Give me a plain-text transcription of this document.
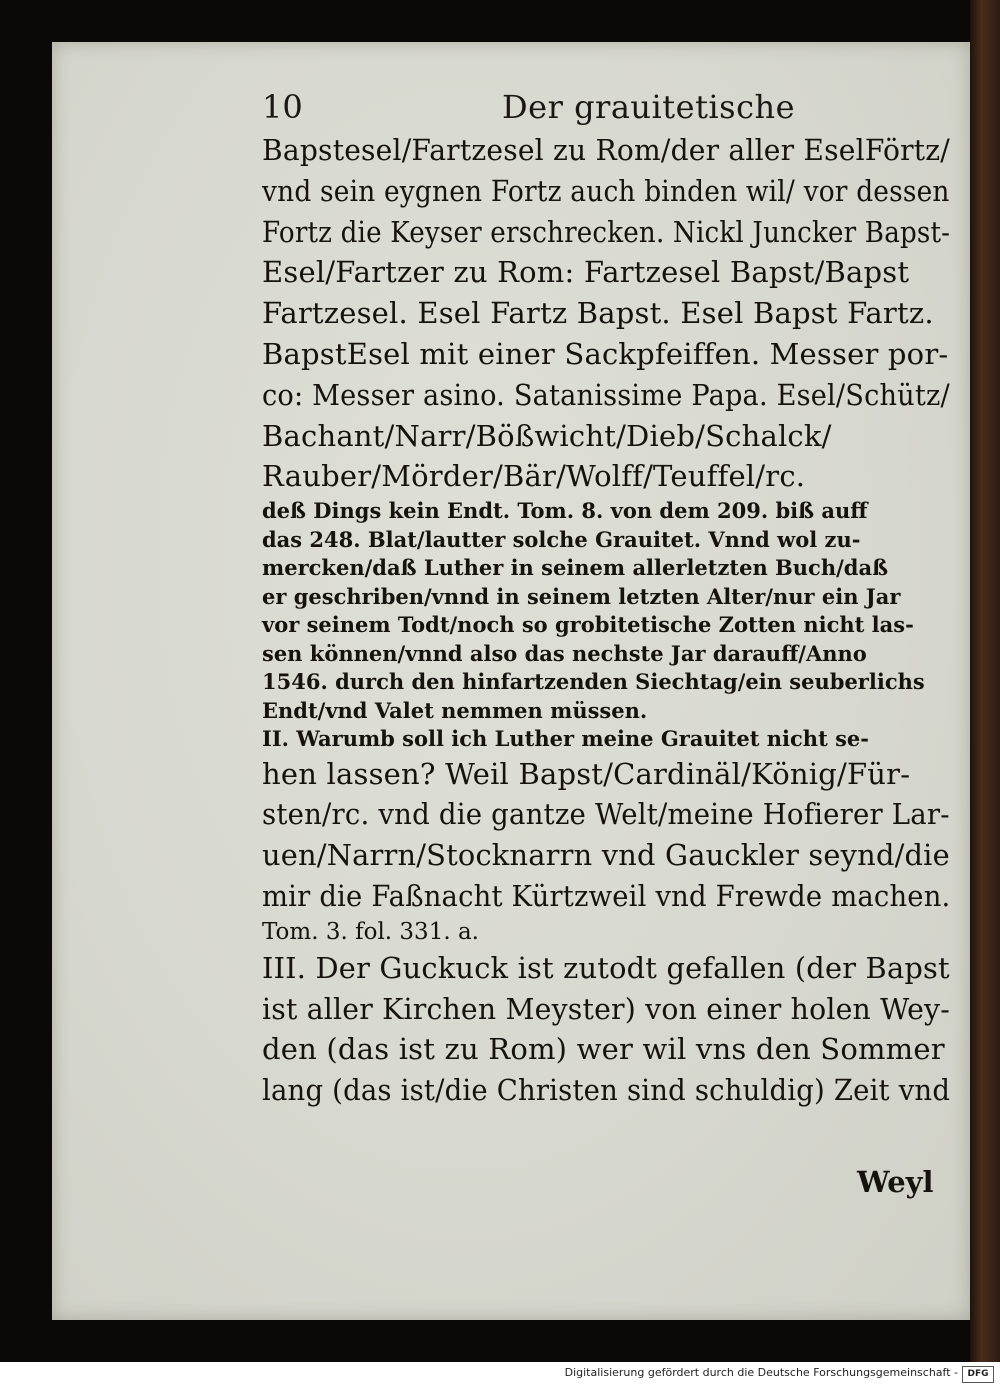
10	Der grauitetische
Bapstesel/Fartzesel zu Rom/der aller EselFörtz/
vnd sein eygnen Fortz auch binden wil/ vor dessen
Fortz die Keyser erschrecken. Nickl Juncker Bapst-
Esel/Fartzer zu Rom: Fartzesel Bapst/Bapst
Fartzesel. Esel Fartz Bapst. Esel Bapst Fartz.
BapstEsel mit einer Sackpfeiffen. Messer por-
co: Messer asino. Satanissime Papa. Esel/Schütz/
Bachant/Narr/Bößwicht/Dieb/Schalck/
Rauber/Mörder/Bär/Wolff/Teuffel/rc.
deß Dings kein Endt. Tom. 8. von dem 209. biß auff
das 248. Blat/lautter solche Grauitet. Vnnd wol zu-
mercken/daß Luther in seinem allerletzten Buch/daß
er geschriben/vnnd in seinem letzten Alter/nur ein Jar
vor seinem Todt/noch so grobitetische Zotten nicht las-
sen können/vnnd also das nechste Jar darauff/Anno
1546. durch den hinfartzenden Siechtag/ein seuberlichs
Endt/vnd Valet nemmen müssen.
II. Warumb soll ich Luther meine Grauitet nicht se-
hen lassen? Weil Bapst/Cardinäl/König/Für-
sten/rc. vnd die gantze Welt/meine Hofierer Lar-
uen/Narrn/Stocknarrn vnd Gauckler seynd/die
mir die Faßnacht Kürtzweil vnd Frewde machen.
Tom. 3. fol. 331. a.
III. Der Guckuck ist zutodt gefallen (der Bapst
ist aller Kirchen Meyster) von einer holen Wey-
den (das ist zu Rom) wer wil vns den Sommer
lang (das ist/die Christen sind schuldig) Zeit vnd
Weyl
Digitalisierung gefördert durch die Deutsche Forschungsgemeinschaft -	DFG
